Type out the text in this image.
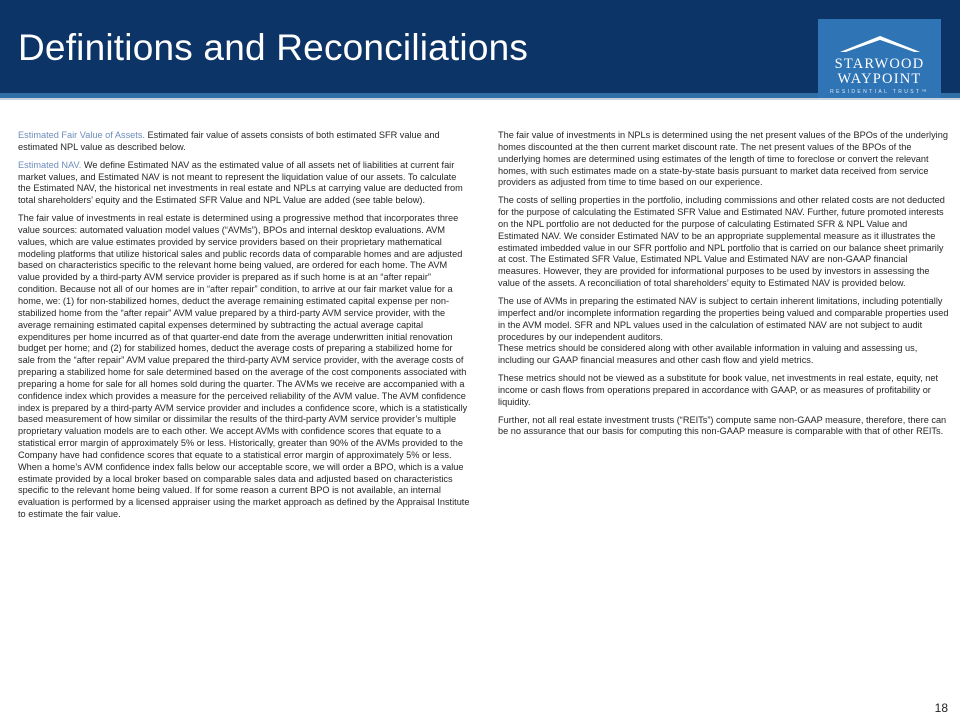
Definitions and Reconciliations	STARWOOD
WAYPOINT
RESIDENTIAL TRUST™

Estimated Fair Value of Assets. Estimated fair value of assets consists of both estimated SFR value and estimated NPL value as described below.

Estimated NAV. We define Estimated NAV as the estimated value of all assets net of liabilities at current fair market values, and Estimated NAV is not meant to represent the liquidation value of our assets. To calculate the Estimated NAV, the historical net investments in real estate and NPLs at carrying value are deducted from total shareholders’ equity and the Estimated SFR Value and NPL Value are added (see table below).

The fair value of investments in real estate is determined using a progressive method that incorporates three value sources: automated valuation model values (“AVMs”), BPOs and internal desktop evaluations. AVM values, which are value estimates provided by service providers based on their proprietary mathematical modeling platforms that utilize historical sales and public records data of comparable homes and are adjusted based on characteristics specific to the relevant home being valued, are ordered for each home. The AVM value provided by a third-party AVM service provider is prepared as if such home is at an “after repair” condition. Because not all of our homes are in “after repair” condition, to arrive at our fair market value for a home, we: (1) for non-stabilized homes, deduct the average remaining estimated capital expense per non- stabilized home from the “after repair” AVM value prepared by a third-party AVM service provider, with the average remaining estimated capital expenses determined by subtracting the actual average capital expenditures per home incurred as of that quarter-end date from the average underwritten initial renovation budget per home; and (2) for stabilized homes, deduct the average costs of preparing a stabilized home for sale from the “after repair” AVM value prepared the third-party AVM service provider, with the average costs of preparing a stabilized home for sale determined based on the average of the cost components associated with preparing a home for sale for all homes sold during the quarter. The AVMs we receive are accompanied with a confidence index which provides a measure for the perceived reliability of the AVM value. The AVM confidence index is prepared by a third-party AVM service provider and includes a confidence score, which is a statistically based measurement of how similar or dissimilar the results of the third-party AVM service provider’s multiple proprietary valuation models are to each other. We accept AVMs with confidence scores that equate to a statistical error margin of approximately 5% or less. Historically, greater than 90% of the AVMs provided to the Company have had confidence scores that equate to a statistical error margin of approximately 5% or less. When a home’s AVM confidence index falls below our acceptable score, we will order a BPO, which is a value estimate provided by a local broker based on comparable sales data and adjusted based on characteristics specific to the relevant home being valued. If for some reason a current BPO is not available, an internal evaluation is performed by a licensed appraiser using the market approach as defined by the Appraisal Institute to estimate the fair value.

The fair value of investments in NPLs is determined using the net present values of the BPOs of the underlying homes discounted at the then current market discount rate. The net present values of the BPOs of the underlying homes are determined using estimates of the length of time to foreclose or convert the relevant homes, with such estimates made on a state-by-state basis pursuant to market data received from service providers as adjusted from time to time based on our experience.

The costs of selling properties in the portfolio, including commissions and other related costs are not deducted for the purpose of calculating the Estimated SFR Value and Estimated NAV. Further, future promoted interests on the NPL portfolio are not deducted for the purpose of calculating Estimated SFR & NPL Value and Estimated NAV. We consider Estimated NAV to be an appropriate supplemental measure as it illustrates the estimated imbedded value in our SFR portfolio and NPL portfolio that is carried on our balance sheet primarily at cost. The Estimated SFR Value, Estimated NPL Value and Estimated NAV are non-GAAP financial measures. However, they are provided for informational purposes to be used by investors in assessing the value of the assets. A reconciliation of total shareholders’ equity to Estimated NAV is provided below.

The use of AVMs in preparing the estimated NAV is subject to certain inherent limitations, including potentially imperfect and/or incomplete information regarding the properties being valued and comparable properties used in the AVM model. SFR and NPL values used in the calculation of estimated NAV are not subject to audit procedures by our independent auditors.

These metrics should be considered along with other available information in valuing and assessing us, including our GAAP financial measures and other cash flow and yield metrics.

These metrics should not be viewed as a substitute for book value, net investments in real estate, equity, net income or cash flows from operations prepared in accordance with GAAP, or as measures of profitability or liquidity.

Further, not all real estate investment trusts (“REITs”) compute same non-GAAP measure, therefore, there can be no assurance that our basis for computing this non-GAAP measure is comparable with that of other REITs.

18
